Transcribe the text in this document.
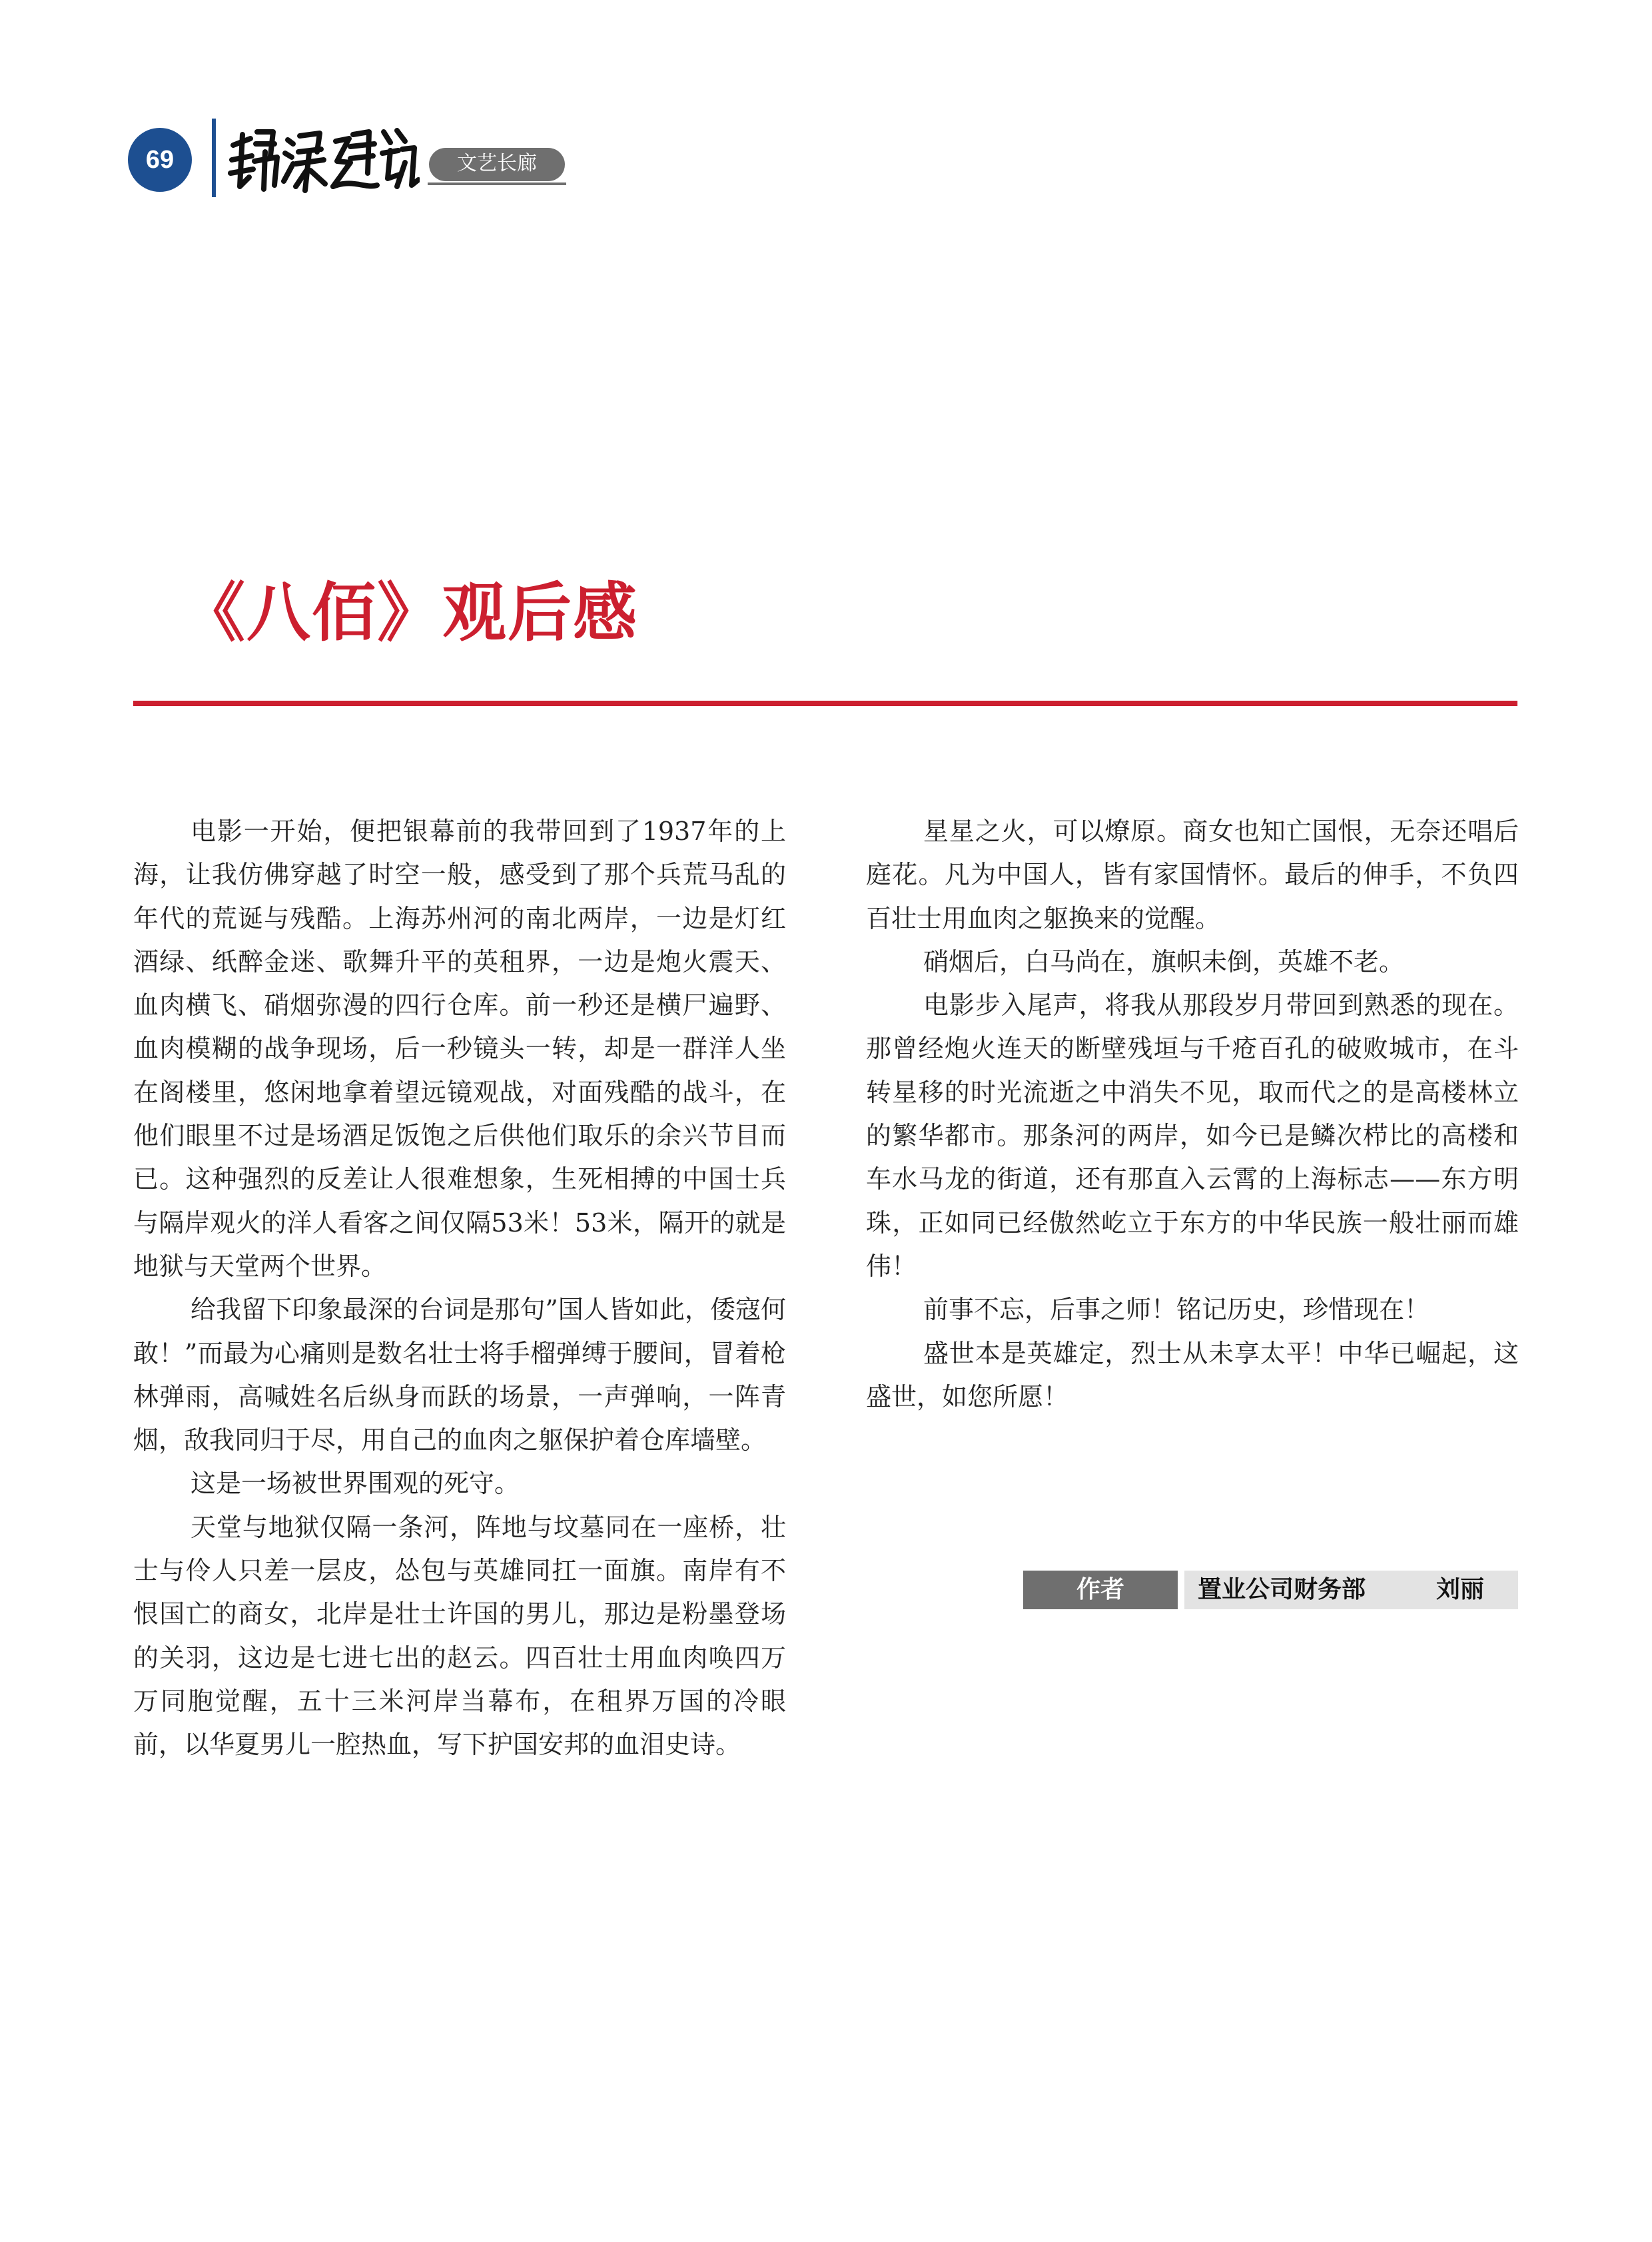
69	文艺长廊
《八佰》观后感

电影一开始，便把银幕前的我带回到了1937年的上海，让我仿佛穿越了时空一般，感受到了那个兵荒马乱的年代的荒诞与残酷。上海苏州河的南北两岸，一边是灯红酒绿、纸醉金迷、歌舞升平的英租界，一边是炮火震天、血肉横飞、硝烟弥漫的四行仓库。前一秒还是横尸遍野、血肉模糊的战争现场，后一秒镜头一转，却是一群洋人坐在阁楼里，悠闲地拿着望远镜观战，对面残酷的战斗，在他们眼里不过是场酒足饭饱之后供他们取乐的余兴节目而已。这种强烈的反差让人很难想象，生死相搏的中国士兵与隔岸观火的洋人看客之间仅隔53米！53米，隔开的就是地狱与天堂两个世界。

给我留下印象最深的台词是那句”国人皆如此，倭寇何敢！”而最为心痛则是数名壮士将手榴弹缚于腰间，冒着枪林弹雨，高喊姓名后纵身而跃的场景，一声弹响，一阵青烟，敌我同归于尽，用自己的血肉之躯保护着仓库墙壁。

这是一场被世界围观的死守。

天堂与地狱仅隔一条河，阵地与坟墓同在一座桥，壮士与伶人只差一层皮，怂包与英雄同扛一面旗。南岸有不恨国亡的商女，北岸是壮士许国的男儿，那边是粉墨登场的关羽，这边是七进七出的赵云。四百壮士用血肉唤四万万同胞觉醒，五十三米河岸当幕布，在租界万国的冷眼前，以华夏男儿一腔热血，写下护国安邦的血泪史诗。

星星之火，可以燎原。商女也知亡国恨，无奈还唱后庭花。凡为中国人，皆有家国情怀。最后的伸手，不负四百壮士用血肉之躯换来的觉醒。

硝烟后，白马尚在，旗帜未倒，英雄不老。

电影步入尾声，将我从那段岁月带回到熟悉的现在。那曾经炮火连天的断壁残垣与千疮百孔的破败城市，在斗转星移的时光流逝之中消失不见，取而代之的是高楼林立的繁华都市。那条河的两岸，如今已是鳞次栉比的高楼和车水马龙的街道，还有那直入云霄的上海标志——东方明珠，正如同已经傲然屹立于东方的中华民族一般壮丽而雄伟！

前事不忘，后事之师！铭记历史，珍惜现在！

盛世本是英雄定，烈士从未享太平！中华已崛起，这盛世，如您所愿！

作者	置业公司财务部	刘丽
